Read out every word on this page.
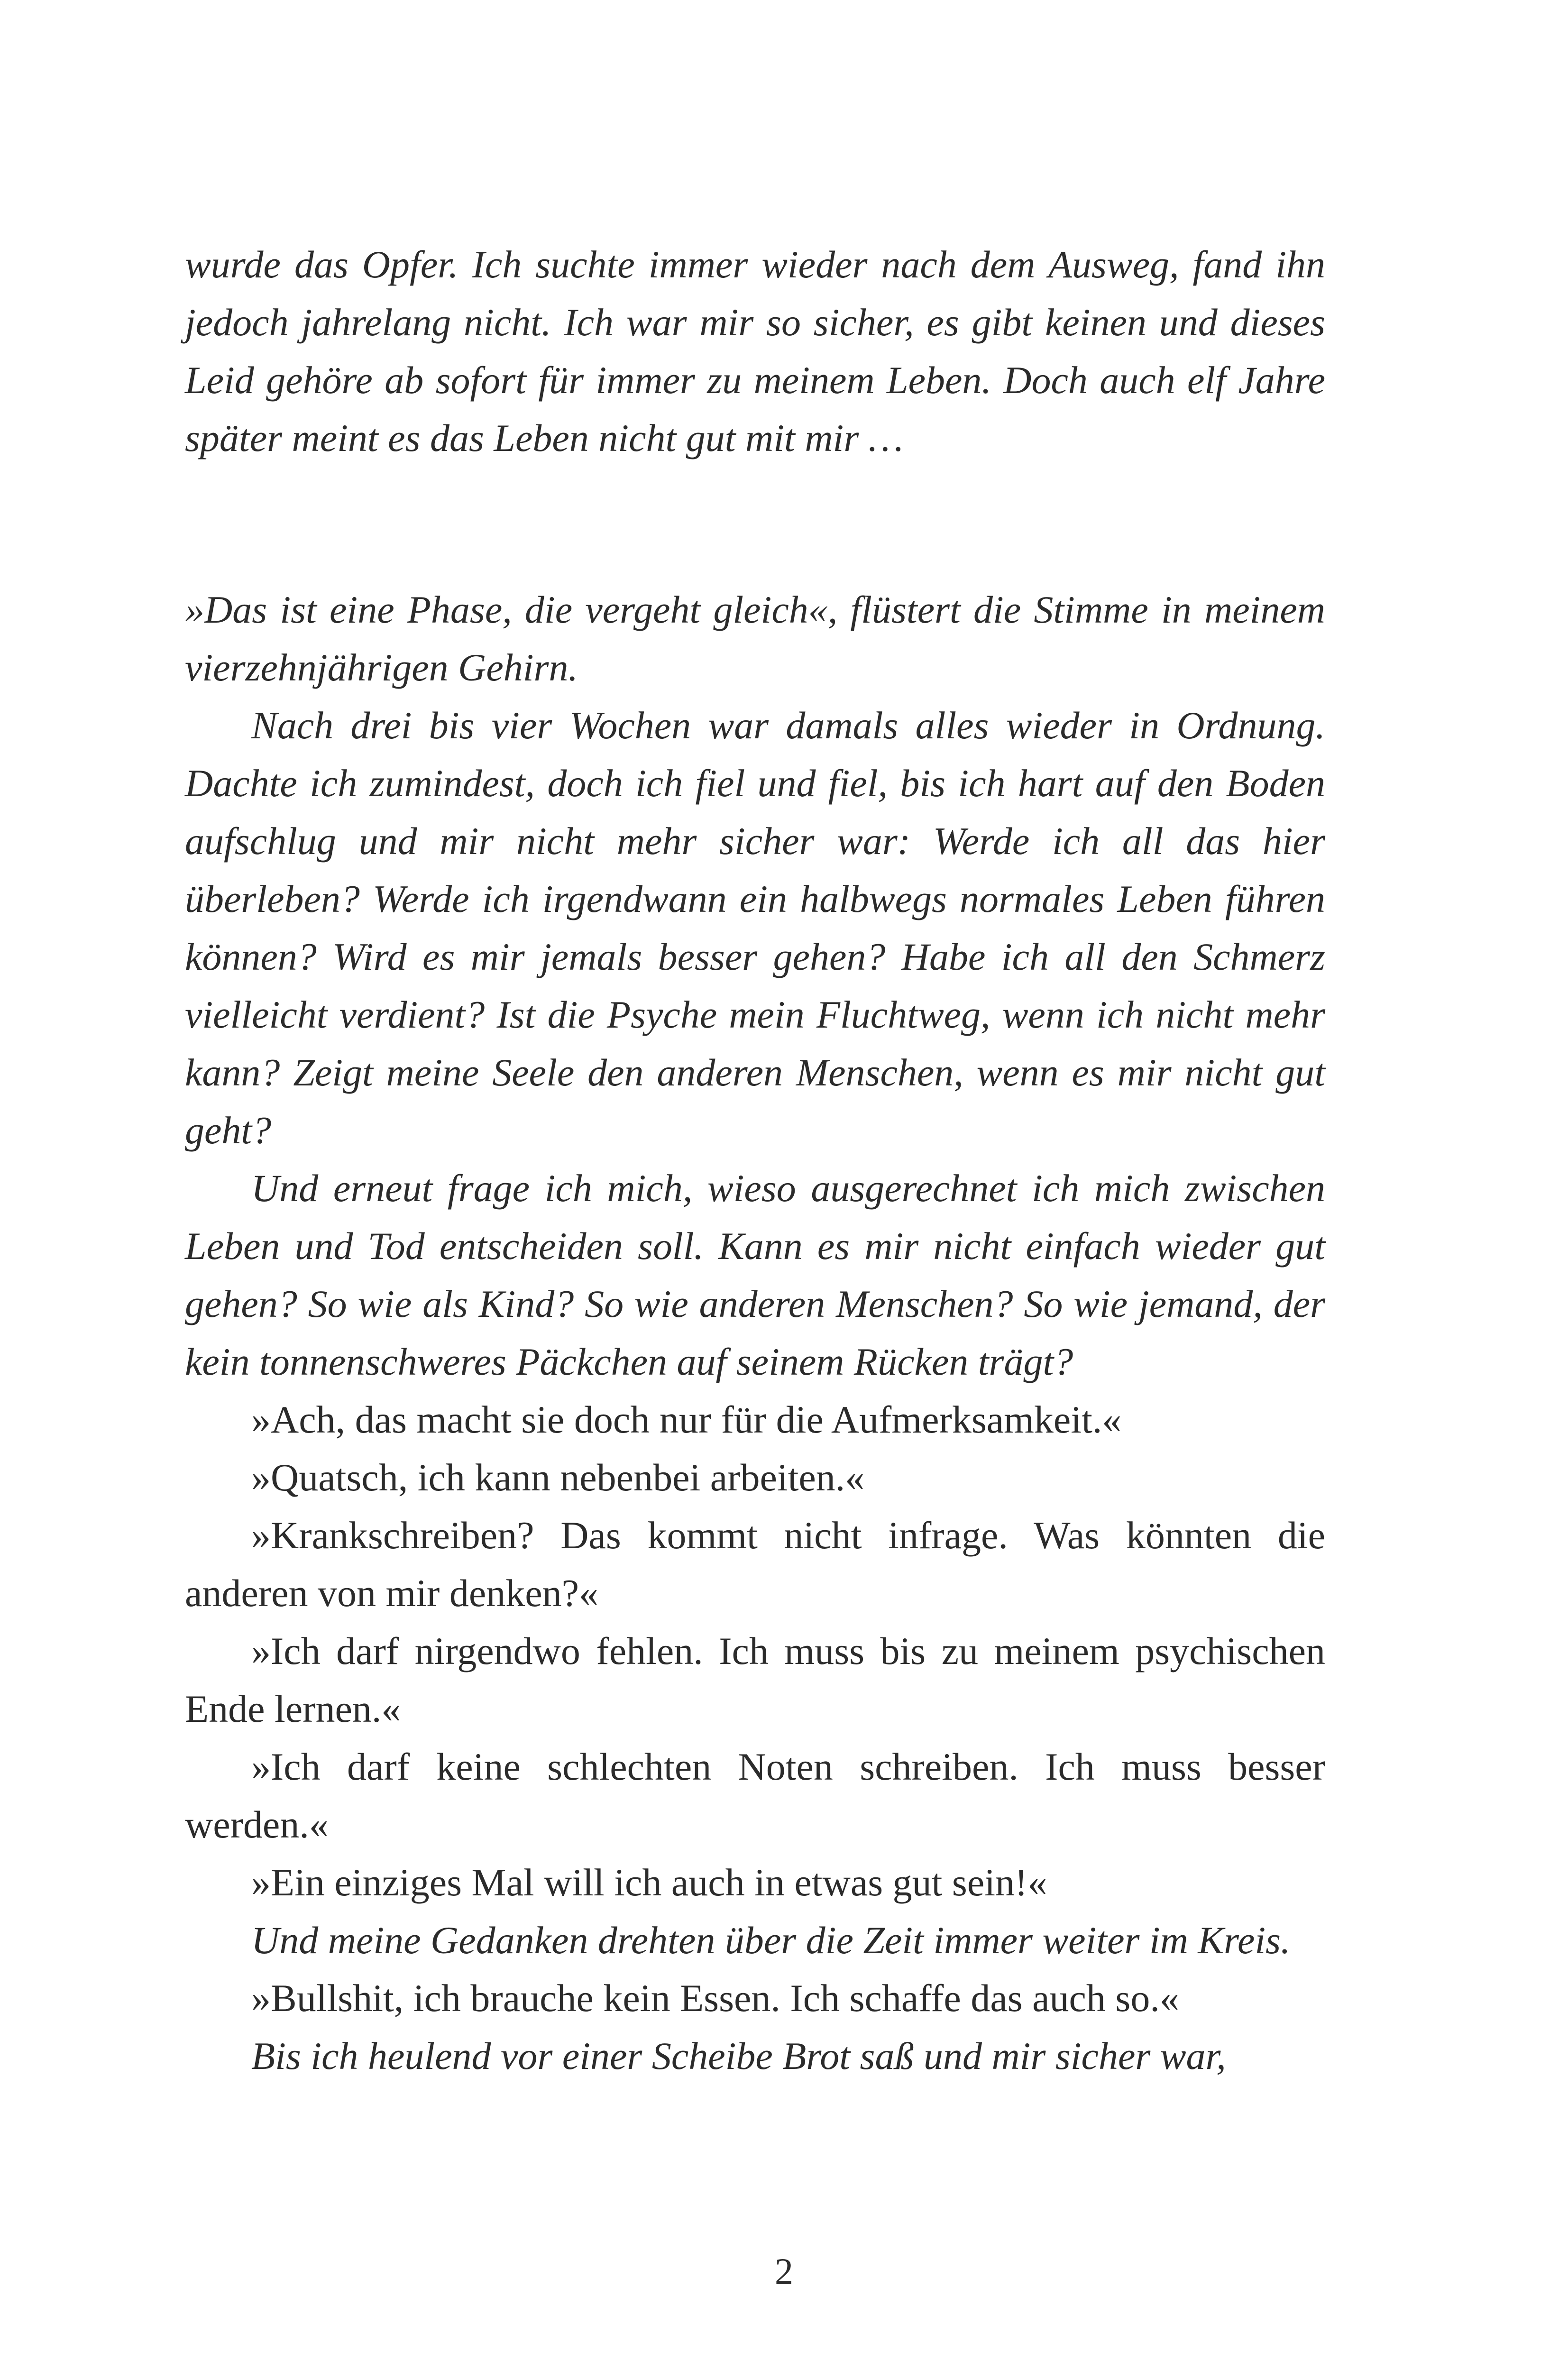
wurde das Opfer. Ich suchte immer wieder nach dem Ausweg, fand ihn jedoch jahrelang nicht. Ich war mir so sicher, es gibt keinen und dieses Leid gehöre ab sofort für immer zu meinem Leben. Doch auch elf Jahre später meint es das Leben nicht gut mit mir …

»Das ist eine Phase, die vergeht gleich«, flüstert die Stimme in meinem vierzehnjährigen Gehirn.

Nach drei bis vier Wochen war damals alles wieder in Ordnung. Dachte ich zumindest, doch ich fiel und fiel, bis ich hart auf den Boden aufschlug und mir nicht mehr sicher war: Werde ich all das hier überleben? Werde ich irgendwann ein halbwegs normales Leben führen können? Wird es mir jemals besser gehen? Habe ich all den Schmerz vielleicht verdient? Ist die Psyche mein Fluchtweg, wenn ich nicht mehr kann? Zeigt meine Seele den anderen Menschen, wenn es mir nicht gut geht?

Und erneut frage ich mich, wieso ausgerechnet ich mich zwischen Leben und Tod entscheiden soll. Kann es mir nicht einfach wieder gut gehen? So wie als Kind? So wie anderen Menschen? So wie jemand, der kein tonnenschweres Päckchen auf seinem Rücken trägt?

»Ach, das macht sie doch nur für die Aufmerksamkeit.«

»Quatsch, ich kann nebenbei arbeiten.«

»Krankschreiben? Das kommt nicht infrage. Was könnten die anderen von mir denken?«

»Ich darf nirgendwo fehlen. Ich muss bis zu meinem psychischen Ende lernen.«

»Ich darf keine schlechten Noten schreiben. Ich muss besser werden.«

»Ein einziges Mal will ich auch in etwas gut sein!«

Und meine Gedanken drehten über die Zeit immer weiter im Kreis.

»Bullshit, ich brauche kein Essen. Ich schaffe das auch so.«

Bis ich heulend vor einer Scheibe Brot saß und mir sicher war,

2
